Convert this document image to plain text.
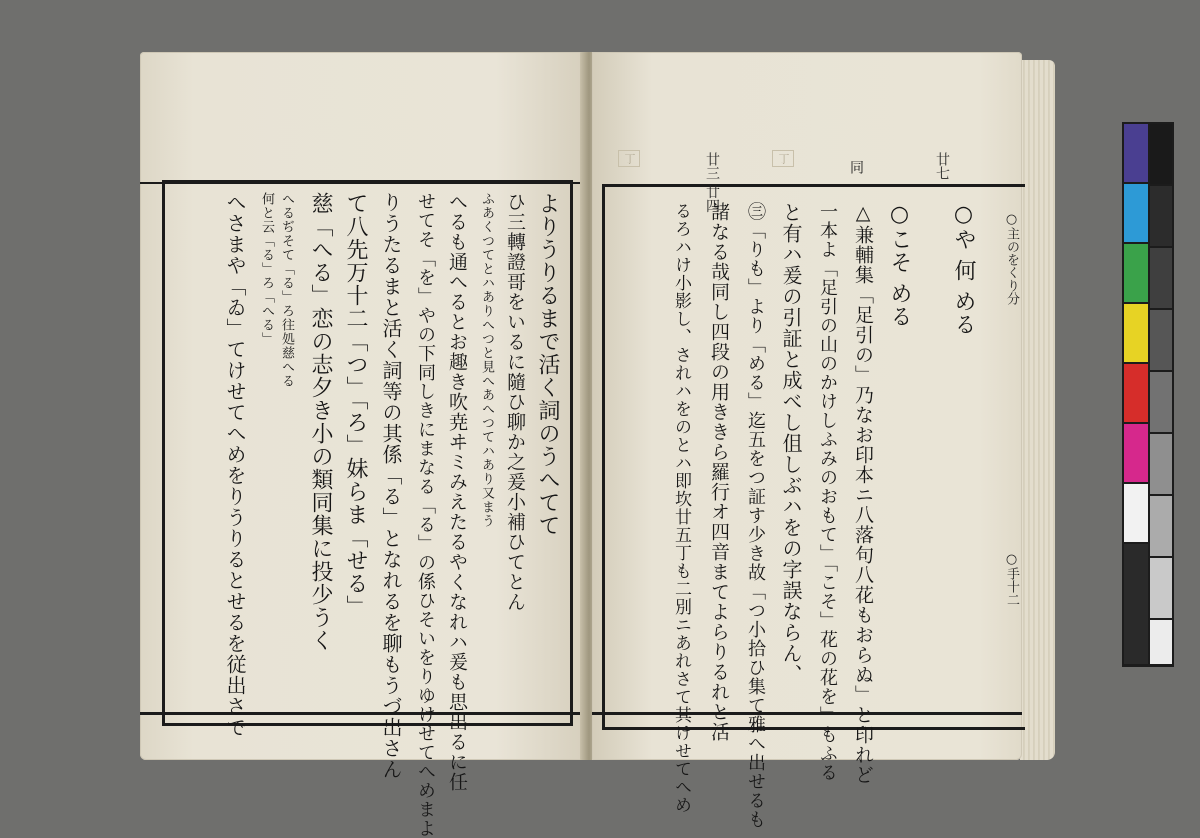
よりうりるまで活く詞のうへてて
ひ三轉證哥をいるに隨ひ聊か之爰小補ひてとん
ふあくつてとハありへつと見へあへつてハあり又まう
へるも通へるとお趣き吹尭ヰミみえたるやくなれハ爰も思出るに任
せてそ「を」やの下同しきにまなる「る」の係ひそいをりゆけせてへめまよ
りうたるまと活く詞等の其係「る」となれるを聊もうづ出さん
て八先万十二「つ」「ろ」妹らま「せる」
慈「へる」恋の志夕き小の類同集に投少うく
へるぢそて「る」ろ往処慈へる
何と云「る」ろ「へる」
へさまや「ゐ」てけせてへめをりうりるとせるを従出さで
廿三 廿四	同	廿七
丁	丁
○主のをくり分
○手十二
○や 何 める
○こそ める
△兼輔集「足引の」乃なお印本ニ八落句八花もおらぬ」と印れど
一本よ「足引の山のかけしふみのおもて」「こそ」花の花を」もふる
と有ハ爰の引証と成べし伹しぶハをの字誤ならん、
㊂「りも」より「める」迄五をつ証す少き故「つ小拾ひ集て雅へ出せるも
諸なる哉同し四段の用ききら羅行オ四音まてよらりるれと活
るろハけ小影し、されハをのとハ即坎廿五丁も二別ニあれさて其けせてへめ
